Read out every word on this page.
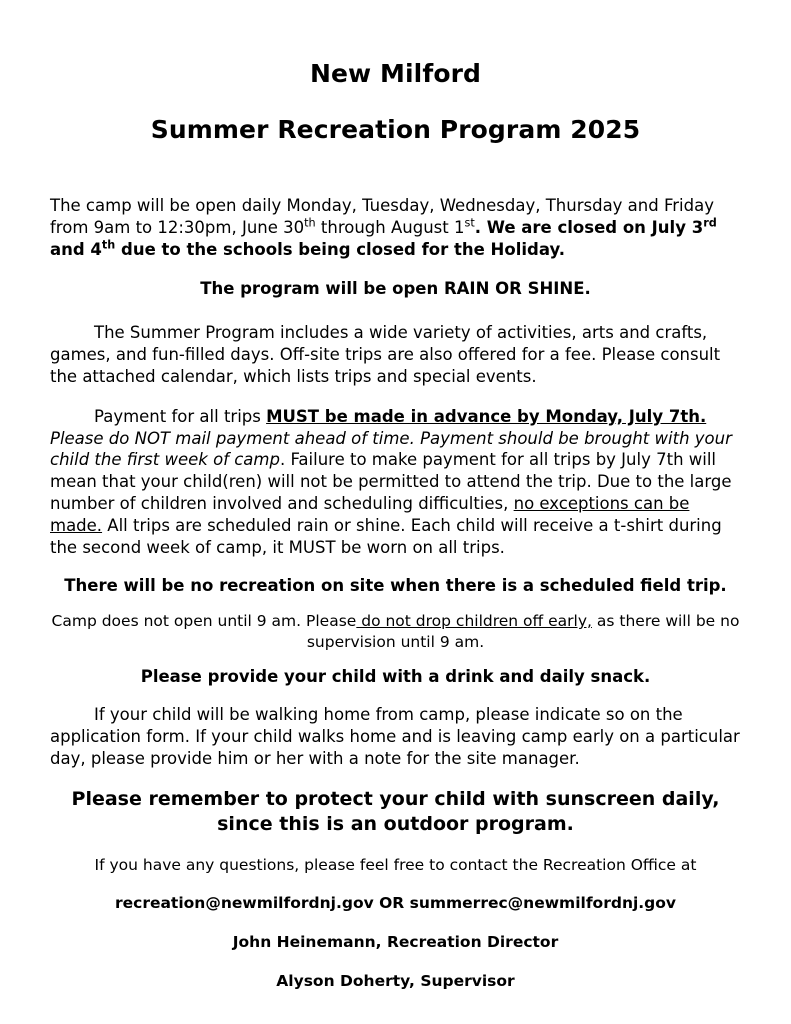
New Milford
Summer Recreation Program 2025

The camp will be open daily Monday, Tuesday, Wednesday, Thursday and Friday from 9am to 12:30pm, June 30th through August 1st. We are closed on July 3rd and 4th due to the schools being closed for the Holiday.

The program will be open RAIN OR SHINE.

The Summer Program includes a wide variety of activities, arts and crafts, games, and fun-filled days. Off-site trips are also offered for a fee. Please consult the attached calendar, which lists trips and special events.

Payment for all trips MUST be made in advance by Monday, July 7th. Please do NOT mail payment ahead of time. Payment should be brought with your child the first week of camp. Failure to make payment for all trips by July 7th will mean that your child(ren) will not be permitted to attend the trip. Due to the large number of children involved and scheduling difficulties, no exceptions can be made. All trips are scheduled rain or shine. Each child will receive a t-shirt during the second week of camp, it MUST be worn on all trips.

There will be no recreation on site when there is a scheduled field trip.

Camp does not open until 9 am. Please do not drop children off early, as there will be no supervision until 9 am.

Please provide your child with a drink and daily snack.

If your child will be walking home from camp, please indicate so on the application form. If your child walks home and is leaving camp early on a particular day, please provide him or her with a note for the site manager.

Please remember to protect your child with sunscreen daily, since this is an outdoor program.

If you have any questions, please feel free to contact the Recreation Office at

recreation@newmilfordnj.gov OR summerrec@newmilfordnj.gov

John Heinemann, Recreation Director

Alyson Doherty, Supervisor
